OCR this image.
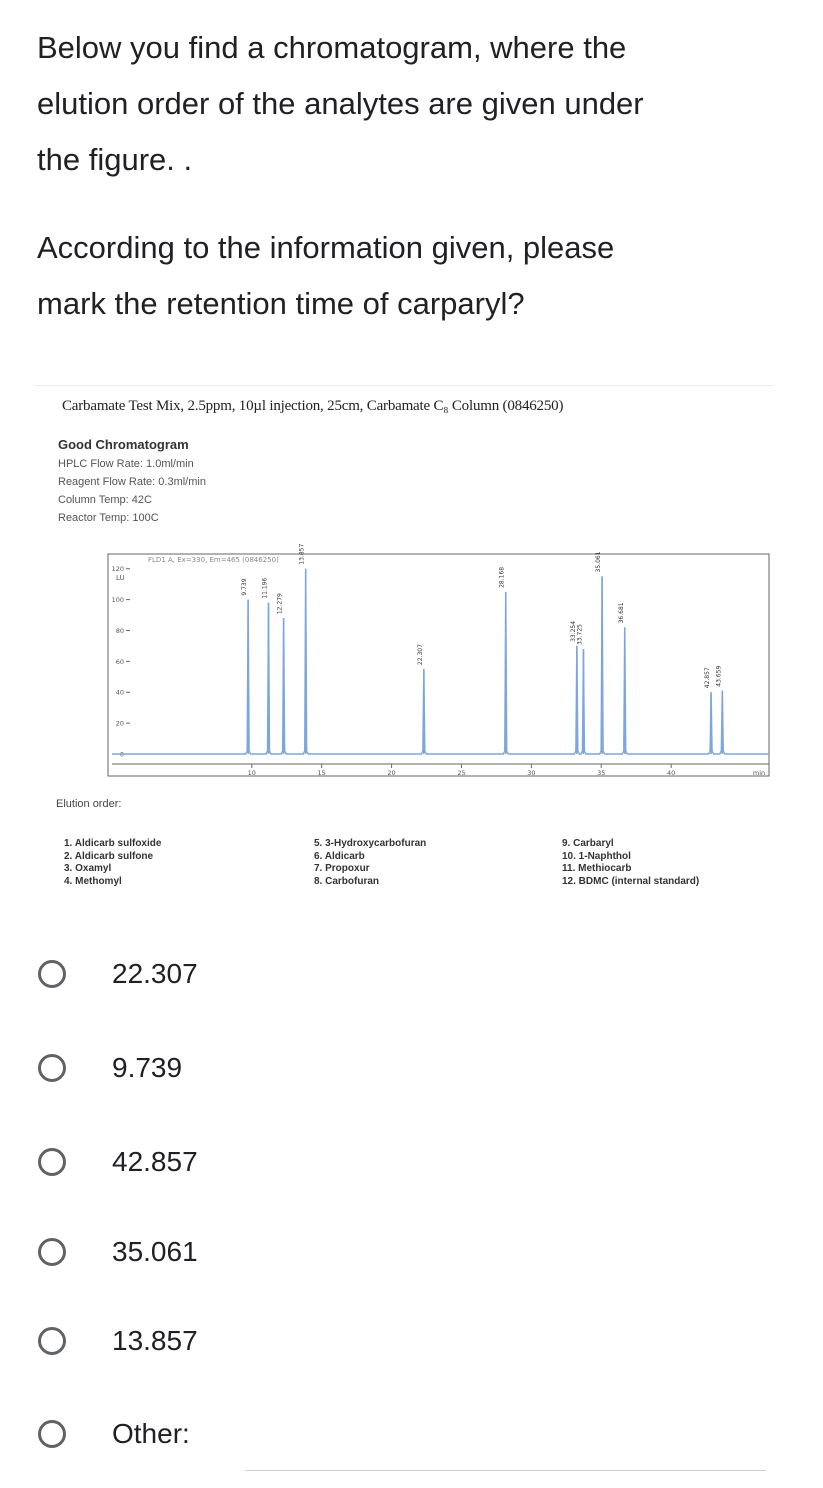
Below you find a chromatogram, where the

elution order of the analytes are given under

the figure. .

According to the information given, please

mark the retention time of carparyl?

Carbamate Test Mix, 2.5ppm, 10µl injection, 25cm, Carbamate C₈ Column (0846250)
Good Chromatogram
HPLC Flow Rate: 1.0ml/min
Reagent Flow Rate: 0.3ml/min
Column Temp: 42C
Reactor Temp: 100C
FLD1 A, Ex=330, Em=465 (0846250)
LU
0
20
40
60
80
100
120
10	15	20	25	30	35	40	min
9.739 11.196
12.279
13.857
22.307
28.168
33.254 33.725
35.061
36.681
42.857 43.659
Elution order:
1. Aldicarb sulfoxide
2. Aldicarb sulfone
3. Oxamyl
4. Methomyl
5. 3-Hydroxycarbofuran
6. Aldicarb
7. Propoxur
8. Carbofuran
9. Carbaryl
10. 1-Naphthol
11. Methiocarb
12. BDMC (internal standard)
22.307
9.739
42.857
35.061
13.857
Other:
